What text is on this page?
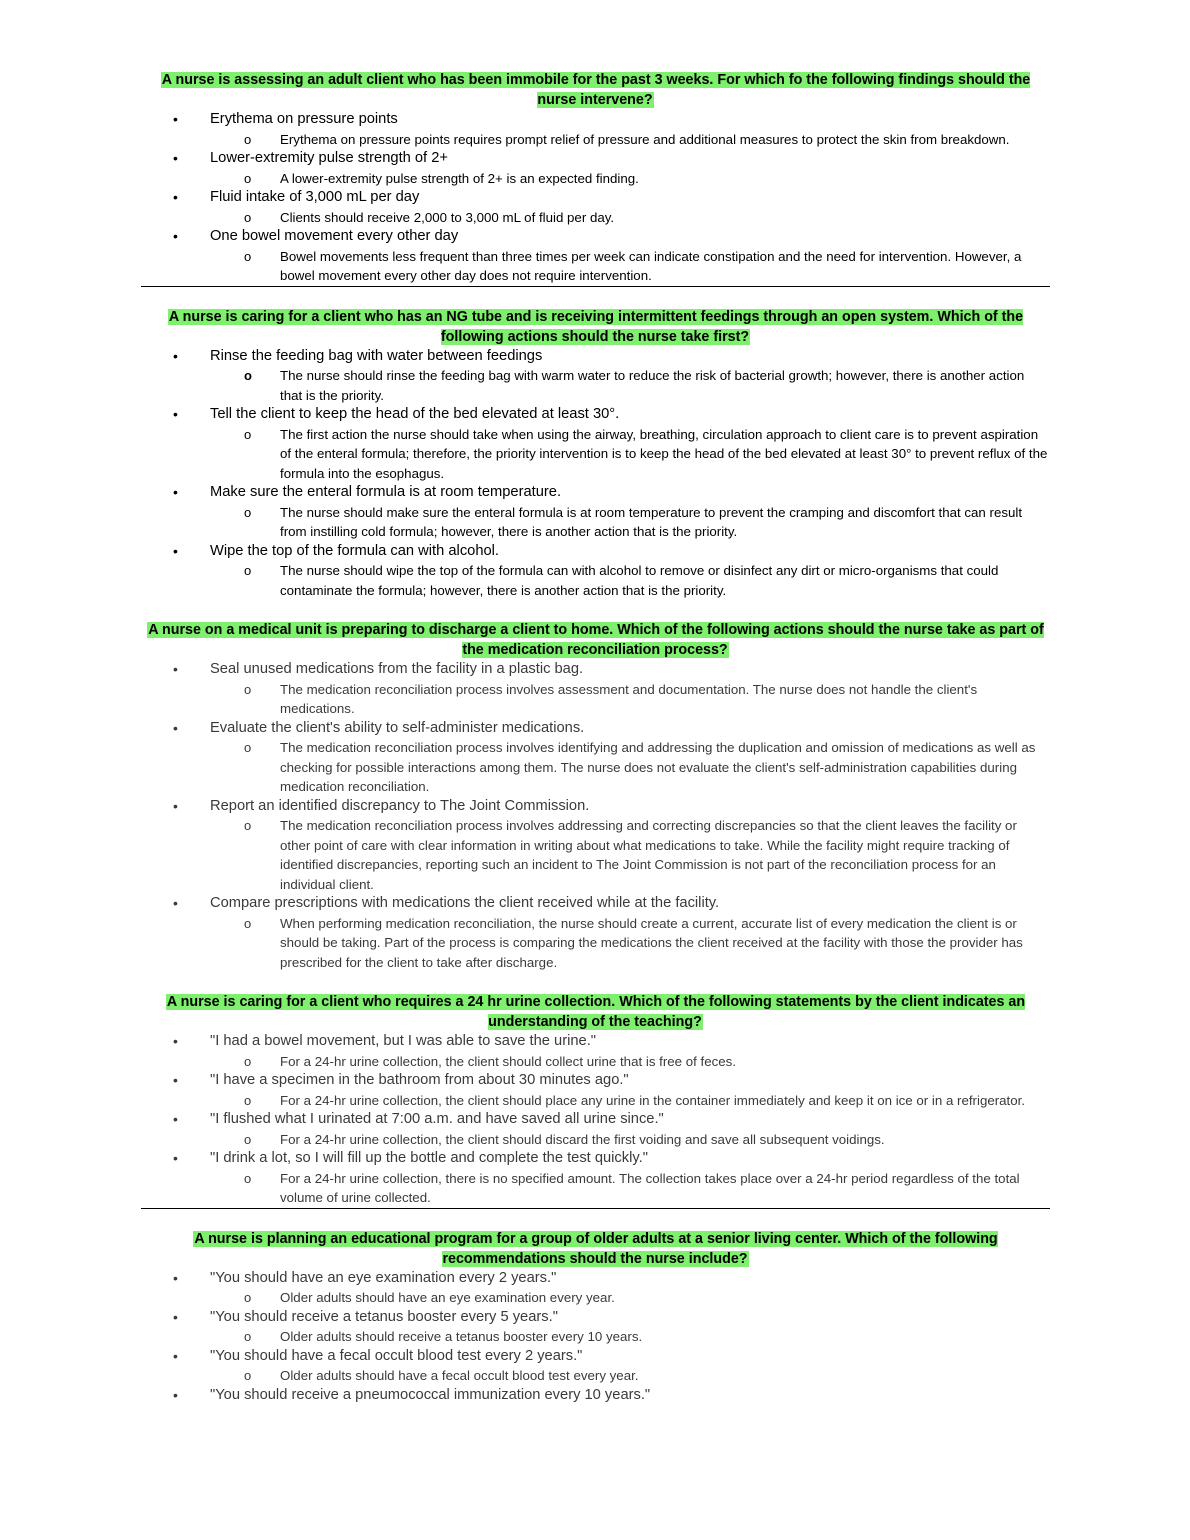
A nurse is assessing an adult client who has been immobile for the past 3 weeks. For which fo the following findings should the nurse intervene?

• Erythema on pressure points
o Erythema on pressure points requires prompt relief of pressure and additional measures to protect the skin from breakdown.
• Lower-extremity pulse strength of 2+
o A lower-extremity pulse strength of 2+ is an expected finding.
• Fluid intake of 3,000 mL per day
o Clients should receive 2,000 to 3,000 mL of fluid per day.
• One bowel movement every other day
o Bowel movements less frequent than three times per week can indicate constipation and the need for intervention. However, a bowel movement every other day does not require intervention.

A nurse is caring for a client who has an NG tube and is receiving intermittent feedings through an open system. Which of the following actions should the nurse take first?

• Rinse the feeding bag with water between feedings
o The nurse should rinse the feeding bag with warm water to reduce the risk of bacterial growth; however, there is another action that is the priority.
• Tell the client to keep the head of the bed elevated at least 30°.
o The first action the nurse should take when using the airway, breathing, circulation approach to client care is to prevent aspiration of the enteral formula; therefore, the priority intervention is to keep the head of the bed elevated at least 30° to prevent reflux of the formula into the esophagus.
• Make sure the enteral formula is at room temperature.
o The nurse should make sure the enteral formula is at room temperature to prevent the cramping and discomfort that can result from instilling cold formula; however, there is another action that is the priority.
• Wipe the top of the formula can with alcohol.
o The nurse should wipe the top of the formula can with alcohol to remove or disinfect any dirt or micro-organisms that could contaminate the formula; however, there is another action that is the priority.

A nurse on a medical unit is preparing to discharge a client to home. Which of the following actions should the nurse take as part of the medication reconciliation process?

• Seal unused medications from the facility in a plastic bag.
o The medication reconciliation process involves assessment and documentation. The nurse does not handle the client's medications.
• Evaluate the client's ability to self-administer medications.
o The medication reconciliation process involves identifying and addressing the duplication and omission of medications as well as checking for possible interactions among them. The nurse does not evaluate the client's self-administration capabilities during medication reconciliation.
• Report an identified discrepancy to The Joint Commission.
o The medication reconciliation process involves addressing and correcting discrepancies so that the client leaves the facility or other point of care with clear information in writing about what medications to take. While the facility might require tracking of identified discrepancies, reporting such an incident to The Joint Commission is not part of the reconciliation process for an individual client.
• Compare prescriptions with medications the client received while at the facility.
o When performing medication reconciliation, the nurse should create a current, accurate list of every medication the client is or should be taking. Part of the process is comparing the medications the client received at the facility with those the provider has prescribed for the client to take after discharge.

A nurse is caring for a client who requires a 24 hr urine collection. Which of the following statements by the client indicates an understanding of the teaching?

• "I had a bowel movement, but I was able to save the urine."
o For a 24-hr urine collection, the client should collect urine that is free of feces.
• "I have a specimen in the bathroom from about 30 minutes ago."
o For a 24-hr urine collection, the client should place any urine in the container immediately and keep it on ice or in a refrigerator.
• "I flushed what I urinated at 7:00 a.m. and have saved all urine since."
o For a 24-hr urine collection, the client should discard the first voiding and save all subsequent voidings.
• "I drink a lot, so I will fill up the bottle and complete the test quickly."
o For a 24-hr urine collection, there is no specified amount. The collection takes place over a 24-hr period regardless of the total volume of urine collected.

A nurse is planning an educational program for a group of older adults at a senior living center. Which of the following recommendations should the nurse include?

• "You should have an eye examination every 2 years."
o Older adults should have an eye examination every year.
• "You should receive a tetanus booster every 5 years."
o Older adults should receive a tetanus booster every 10 years.
• "You should have a fecal occult blood test every 2 years."
o Older adults should have a fecal occult blood test every year.
• "You should receive a pneumococcal immunization every 10 years."
